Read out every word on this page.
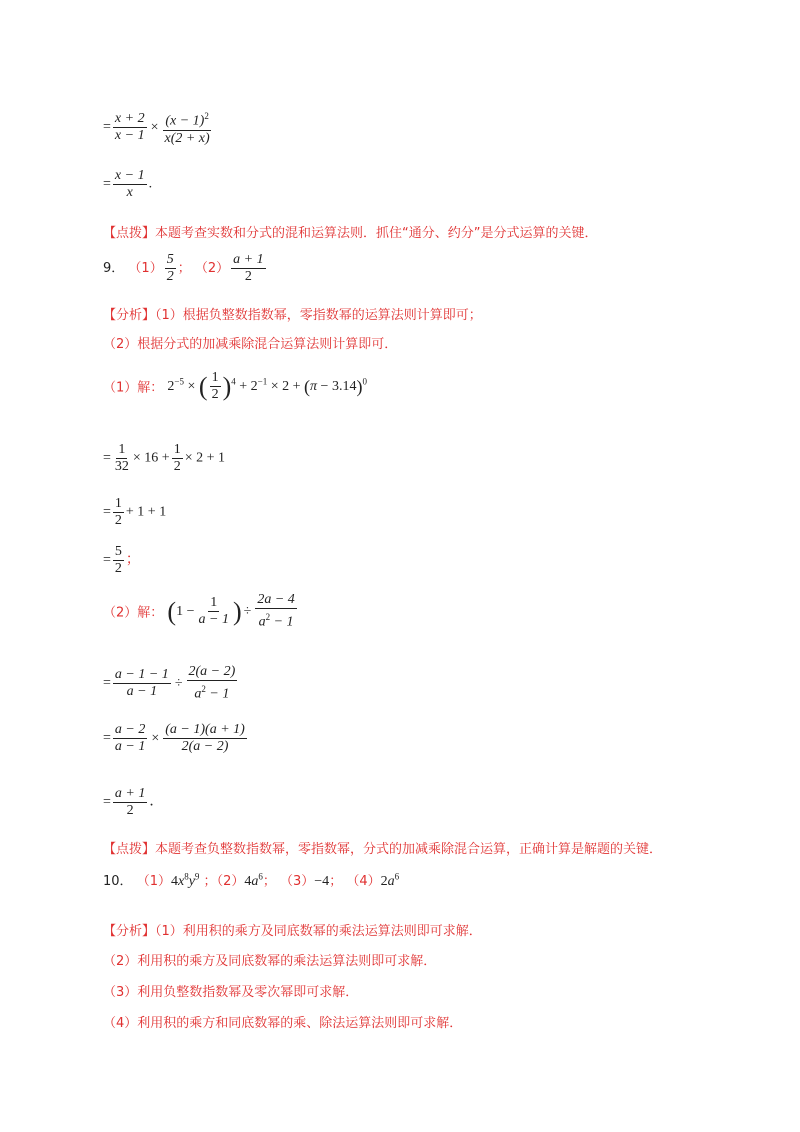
= $\frac{x + 2}{x - 1} \times \frac{(x - 1)^2}{x(2 + x)}$
= $\frac{x - 1}{x}$ .
【点拨】本题考查实数和分式的混和运算法则．抓住“通分、约分”是分式运算的关键．
9． $(1) \frac{5}{2}$ ； $(2) \frac{a + 1}{2}$
【分析】（1）根据负整数指数幂，零指数幂的运算法则计算即可；
（2）根据分式的加减乘除混合运算法则计算即可．
（1）解： $2^{-5}$ × ( $\frac{1}{2} )^4 + 2^{-1} \times 2 + (\pi - 3.14)^0$
= $\frac{1}{32} \times 16 + \frac{1}{2} \times 2 + 1$
= $\frac{1}{2} + 1 + 1$
= $\frac{5}{2}$ ；
（2）解： ($1 - \frac{1}{a - 1}$ ) ÷ $\frac{2a - 4}{a^2 - 1}$
= $\frac{a - 1 - 1}{a - 1} \div \frac{2(a - 2)}{a^2 - 1}$
= $\frac{a - 2}{a - 1} \times \frac{(a - 1)(a + 1)}{2(a - 2)}$
= $\frac{a + 1}{2}$ ．
【点拨】本题考查负整数指数幂，零指数幂，分式的加减乘除混合运算，正确计算是解题的关键．
10． $(1)4x^8y^9$ ；$(2)4a^6$； （3）−4； $(4)2a^6$
【分析】（1）利用积的乘方及同底数幂的乘法运算法则即可求解．
（2）利用积的乘方及同底数幂的乘法运算法则即可求解．
（3）利用负整数指数幂及零次幂即可求解．
（4）利用积的乘方和同底数幂的乘、除法运算法则即可求解．
